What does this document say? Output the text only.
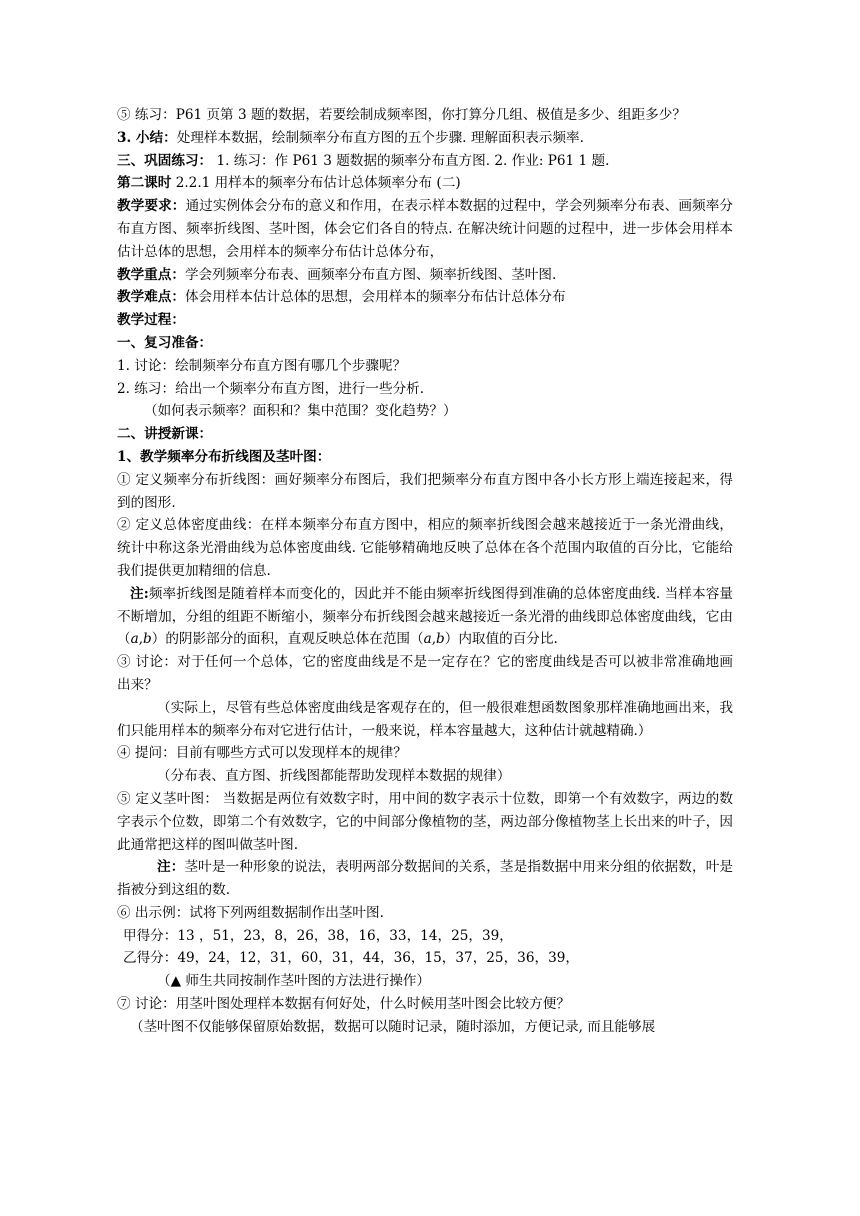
⑤ 练习：P61 页第 3 题的数据，若要绘制成频率图，你打算分几组、极值是多少、组距多少？

3. 小结：处理样本数据，绘制频率分布直方图的五个步骤. 理解面积表示频率.

三、巩固练习： 1. 练习：作 P61 3 题数据的频率分布直方图. 2. 作业: P61 1 题.

第二课时 2.2.1 用样本的频率分布估计总体频率分布 (二)

教学要求：通过实例体会分布的意义和作用，在表示样本数据的过程中，学会列频率分布表、画频率分布直方图、频率折线图、茎叶图，体会它们各自的特点. 在解决统计问题的过程中，进一步体会用样本估计总体的思想，会用样本的频率分布估计总体分布，

教学重点：学会列频率分布表、画频率分布直方图、频率折线图、茎叶图.

教学难点：体会用样本估计总体的思想，会用样本的频率分布估计总体分布

教学过程：

一、复习准备：

1. 讨论：绘制频率分布直方图有哪几个步骤呢？

2. 练习：给出一个频率分布直方图，进行一些分析.

（如何表示频率？面积和？集中范围？变化趋势？）

二、讲授新课：

1、教学频率分布折线图及茎叶图：

① 定义频率分布折线图：画好频率分布图后，我们把频率分布直方图中各小长方形上端连接起来，得到的图形.

② 定义总体密度曲线：在样本频率分布直方图中，相应的频率折线图会越来越接近于一条光滑曲线，统计中称这条光滑曲线为总体密度曲线. 它能够精确地反映了总体在各个范围内取值的百分比，它能给我们提供更加精细的信息.

注:频率折线图是随着样本而变化的，因此并不能由频率折线图得到准确的总体密度曲线. 当样本容量不断增加，分组的组距不断缩小，频率分布折线图会越来越接近一条光滑的曲线即总体密度曲线，它由（a,b）的阴影部分的面积，直观反映总体在范围（a,b）内取值的百分比.

③ 讨论：对于任何一个总体，它的密度曲线是不是一定存在？它的密度曲线是否可以被非常准确地画出来？

（实际上，尽管有些总体密度曲线是客观存在的，但一般很难想函数图象那样准确地画出来，我们只能用样本的频率分布对它进行估计，一般来说，样本容量越大，这种估计就越精确.）

④ 提问：目前有哪些方式可以发现样本的规律？

（分布表、直方图、折线图都能帮助发现样本数据的规律）

⑤ 定义茎叶图： 当数据是两位有效数字时，用中间的数字表示十位数，即第一个有效数字，两边的数字表示个位数，即第二个有效数字，它的中间部分像植物的茎，两边部分像植物茎上长出来的叶子，因此通常把这样的图叫做茎叶图.

注：茎叶是一种形象的说法，表明两部分数据间的关系，茎是指数据中用来分组的依据数，叶是指被分到这组的数.

⑥ 出示例：试将下列两组数据制作出茎叶图.

甲得分：13 ，51，23，8，26，38，16，33，14，25，39，

乙得分：49，24，12，31，60，31，44，36，15，37，25，36，39，

（▲ 师生共同按制作茎叶图的方法进行操作）

⑦ 讨论：用茎叶图处理样本数据有何好处，什么时候用茎叶图会比较方便？

（茎叶图不仅能够保留原始数据，数据可以随时记录，随时添加，方便记录, 而且能够展
